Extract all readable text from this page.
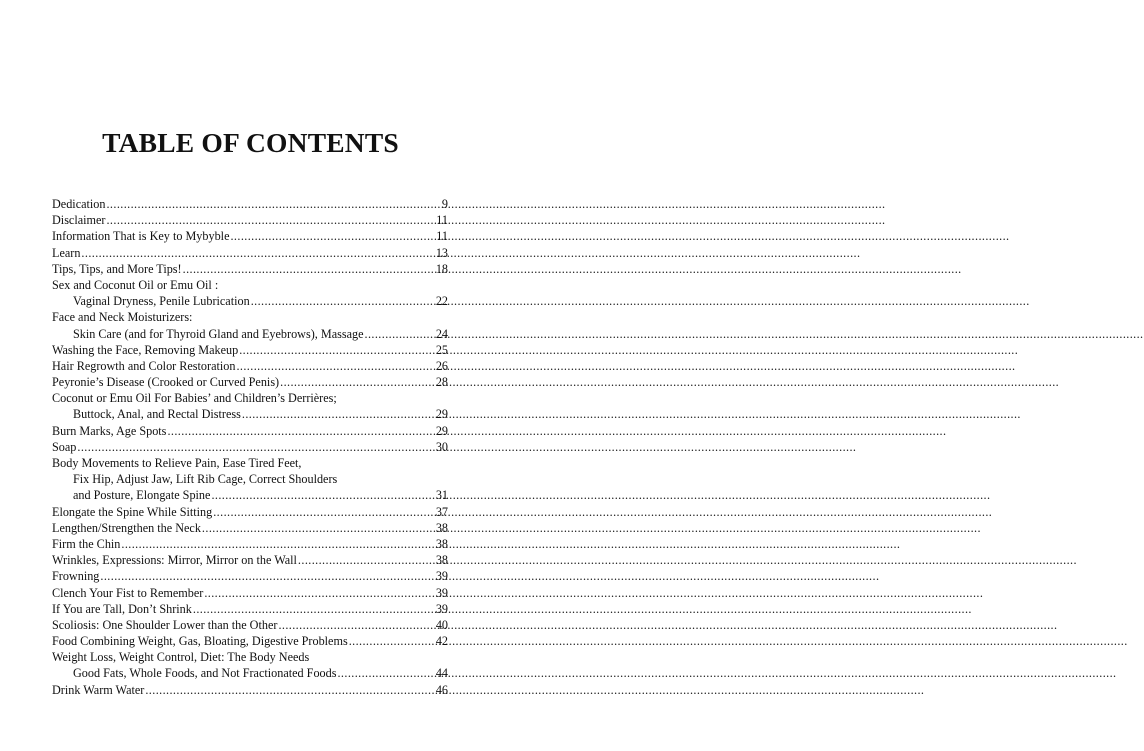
TABLE OF CONTENTS
Dedication .....	9
Disclaimer .....	11
Information That is Key to Mybyble .....	11
Learn .....	13
Tips, Tips, and More Tips! .....	18
Sex and Coconut Oil or Emu Oil :
Vaginal Dryness, Penile Lubrication .....	22
Face and Neck Moisturizers:
Skin Care (and for Thyroid Gland and Eyebrows), Massage .....	24
Washing the Face, Removing Makeup .....	25
Hair Regrowth and Color Restoration .....	26
Peyronie’s Disease (Crooked or Curved Penis) .....	28
Coconut or Emu Oil For Babies’ and Children’s Derrières;
Buttock, Anal, and Rectal Distress .....	29
Burn Marks, Age Spots .....	29
Soap .....	30
Body Movements to Relieve Pain, Ease Tired Feet,
Fix Hip, Adjust Jaw, Lift Rib Cage, Correct Shoulders
and Posture, Elongate Spine .....	31
Elongate the Spine While Sitting .....	37
Lengthen/Strengthen the Neck .....	38
Firm the Chin .....	38
Wrinkles, Expressions: Mirror, Mirror on the Wall .....	38
Frowning .....	39
Clench Your Fist to Remember .....	39
If You are Tall, Don’t Shrink .....	39
Scoliosis: One Shoulder Lower than the Other .....	40
Food Combining Weight, Gas, Bloating, Digestive Problems .....	42
Weight Loss, Weight Control, Diet: The Body Needs
Good Fats, Whole Foods, and Not Fractionated Foods .....	44
Drink Warm Water .....	46
